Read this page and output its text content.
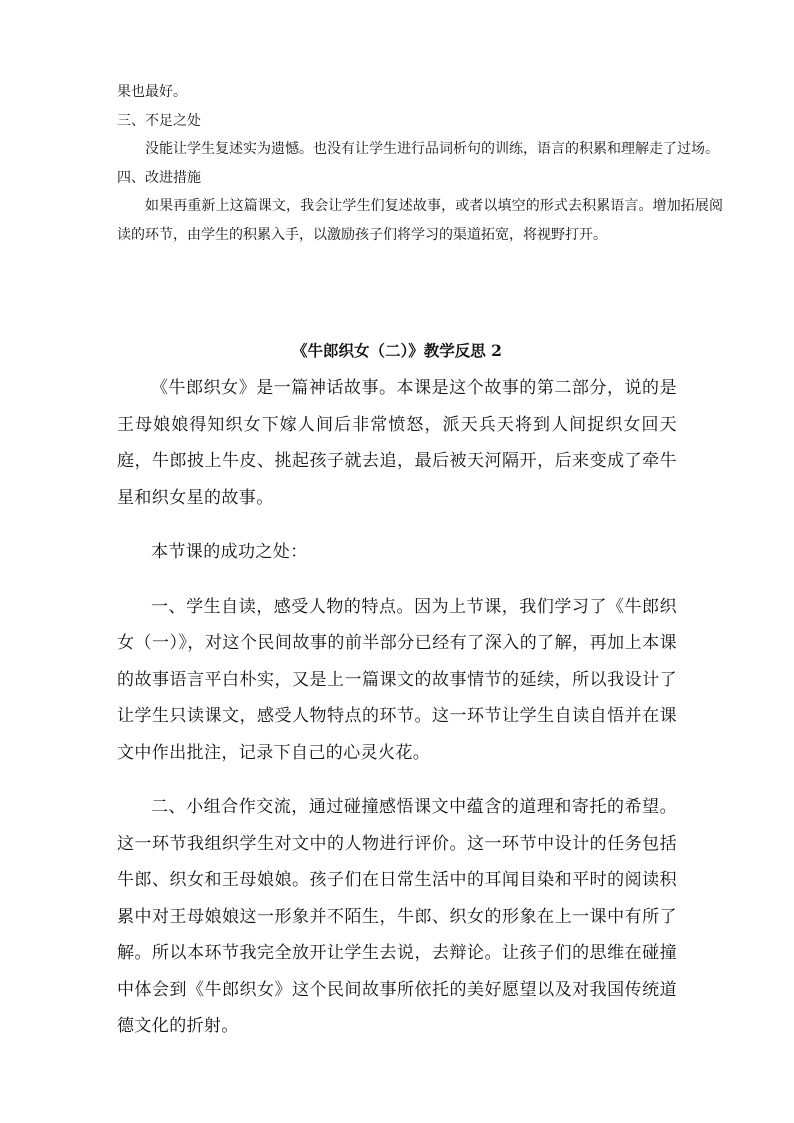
果也最好。

三、不足之处

没能让学生复述实为遗憾。也没有让学生进行品词析句的训练，语言的积累和理解走了过场。

四、改进措施

如果再重新上这篇课文，我会让学生们复述故事，或者以填空的形式去积累语言。增加拓展阅读的环节，由学生的积累入手，以激励孩子们将学习的渠道拓宽，将视野打开。

《牛郎织女（二）》教学反思 2

《牛郎织女》是一篇神话故事。本课是这个故事的第二部分，说的是王母娘娘得知织女下嫁人间后非常愤怒，派天兵天将到人间捉织女回天庭，牛郎披上牛皮、挑起孩子就去追，最后被天河隔开，后来变成了牵牛星和织女星的故事。

本节课的成功之处：

一、学生自读，感受人物的特点。因为上节课，我们学习了《牛郎织女（一）》，对这个民间故事的前半部分已经有了深入的了解，再加上本课的故事语言平白朴实，又是上一篇课文的故事情节的延续，所以我设计了让学生只读课文，感受人物特点的环节。这一环节让学生自读自悟并在课文中作出批注，记录下自己的心灵火花。

二、小组合作交流，通过碰撞感悟课文中蕴含的道理和寄托的希望。这一环节我组织学生对文中的人物进行评价。这一环节中设计的任务包括牛郎、织女和王母娘娘。孩子们在日常生活中的耳闻目染和平时的阅读积累中对王母娘娘这一形象并不陌生，牛郎、织女的形象在上一课中有所了解。所以本环节我完全放开让学生去说，去辩论。让孩子们的思维在碰撞中体会到《牛郎织女》这个民间故事所依托的美好愿望以及对我国传统道德文化的折射。
